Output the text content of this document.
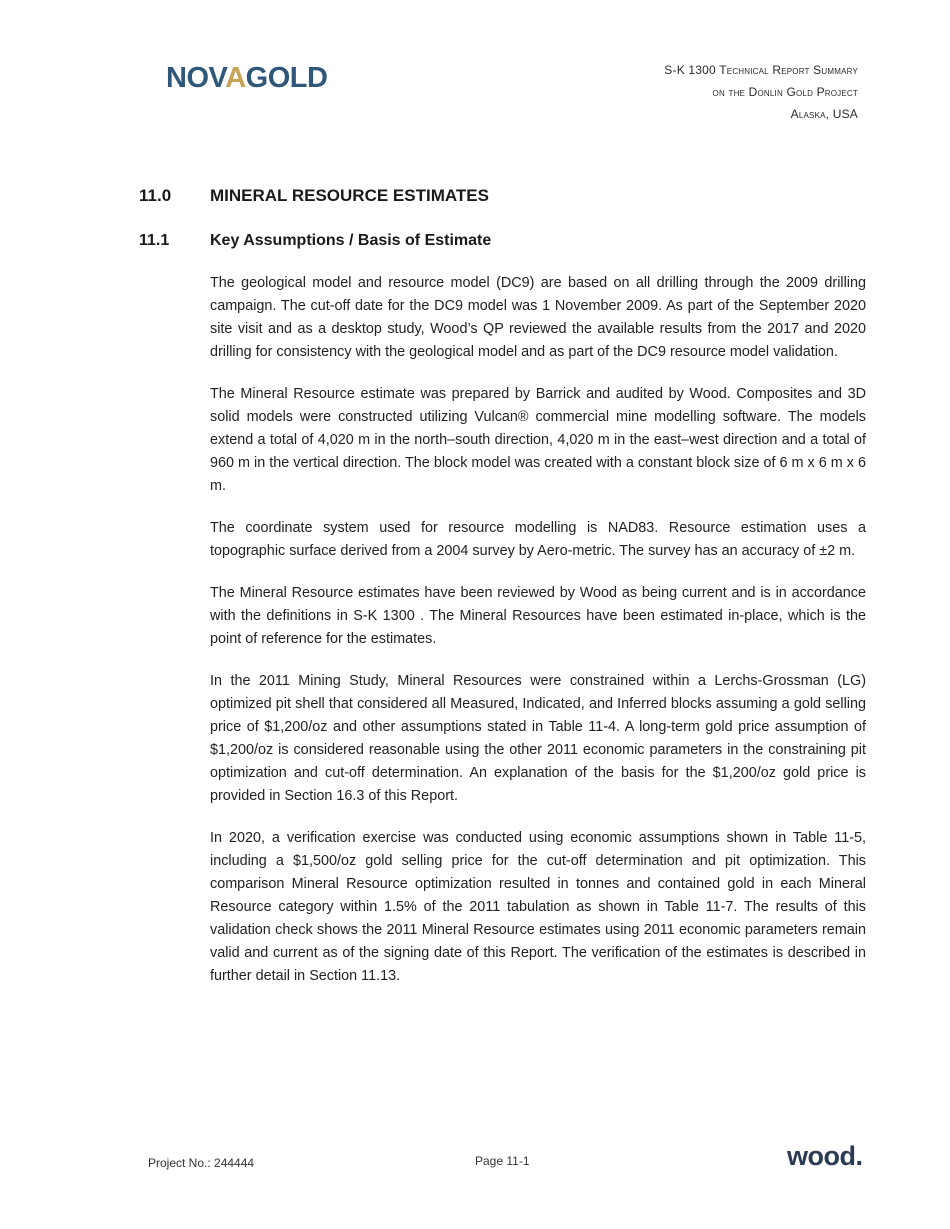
NOVAGOLD	S-K 1300 Technical Report Summary
on the Donlin Gold Project
Alaska, USA
11.0 MINERAL RESOURCE ESTIMATES
11.1	Key Assumptions / Basis of Estimate

The geological model and resource model (DC9) are based on all drilling through the 2009 drilling campaign. The cut-off date for the DC9 model was 1 November 2009. As part of the September 2020 site visit and as a desktop study, Wood’s QP reviewed the available results from the 2017 and 2020 drilling for consistency with the geological model and as part of the DC9 resource model validation.

The Mineral Resource estimate was prepared by Barrick and audited by Wood. Composites and 3D solid models were constructed utilizing Vulcan® commercial mine modelling software. The models extend a total of 4,020 m in the north–south direction, 4,020 m in the east–west direction and a total of 960 m in the vertical direction. The block model was created with a constant block size of 6 m x 6 m x 6 m.

The coordinate system used for resource modelling is NAD83. Resource estimation uses a topographic surface derived from a 2004 survey by Aero-metric. The survey has an accuracy of ±2 m.

The Mineral Resource estimates have been reviewed by Wood as being current and is in accordance with the definitions in S-K 1300 . The Mineral Resources have been estimated in-place, which is the point of reference for the estimates.

In the 2011 Mining Study, Mineral Resources were constrained within a Lerchs-Grossman (LG) optimized pit shell that considered all Measured, Indicated, and Inferred blocks assuming a gold selling price of $1,200/oz and other assumptions stated in Table 11-4. A long-term gold price assumption of $1,200/oz is considered reasonable using the other 2011 economic parameters in the constraining pit optimization and cut-off determination. An explanation of the basis for the $1,200/oz gold price is provided in Section 16.3 of this Report.

In 2020, a verification exercise was conducted using economic assumptions shown in Table 11-5, including a $1,500/oz gold selling price for the cut-off determination and pit optimization. This comparison Mineral Resource optimization resulted in tonnes and contained gold in each Mineral Resource category within 1.5% of the 2011 tabulation as shown in Table 11-7. The results of this validation check shows the 2011 Mineral Resource estimates using 2011 economic parameters remain valid and current as of the signing date of this Report. The verification of the estimates is described in further detail in Section 11.13.

Project No.: 244444	Page 11-1	wood.
